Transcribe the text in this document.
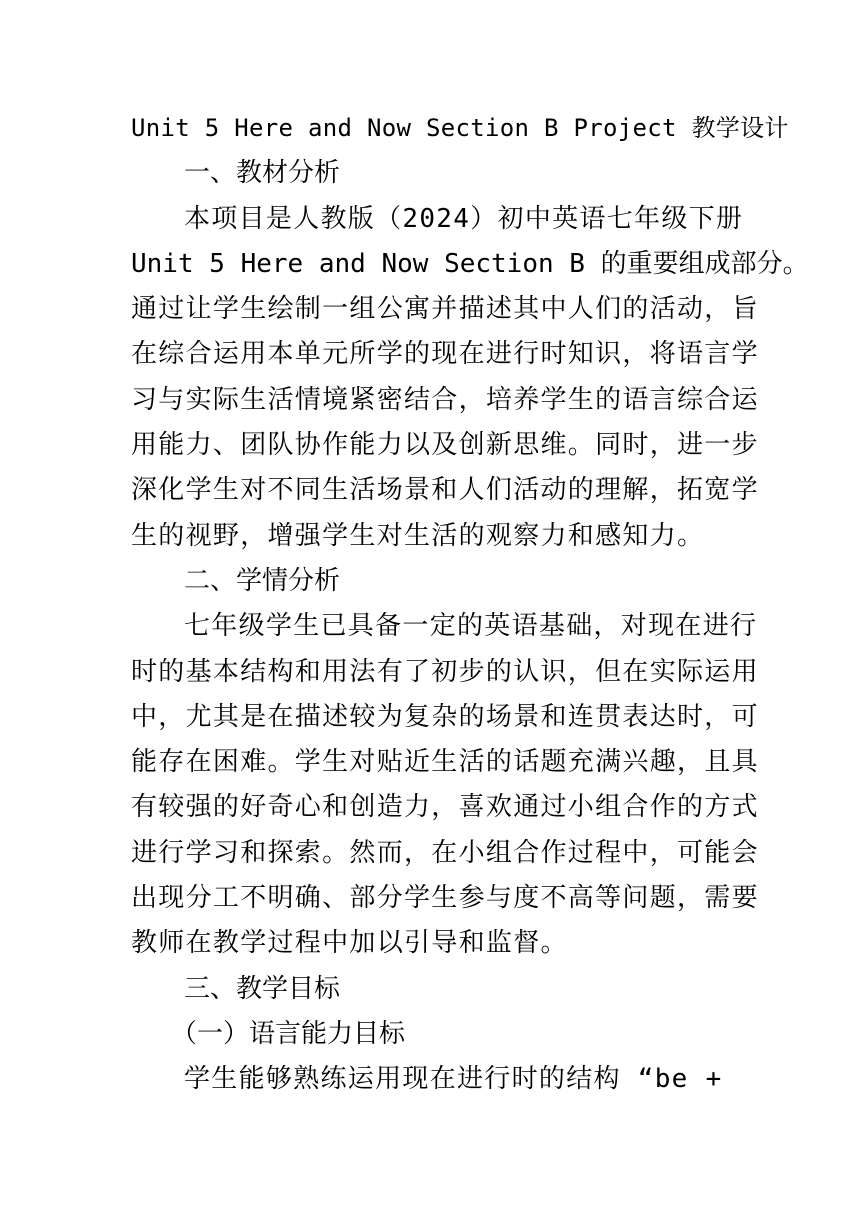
Unit 5 Here and Now Section B Project 教学设计
一、教材分析
本项目是人教版（2024）初中英语七年级下册
Unit 5 Here and Now Section B 的重要组成部分。
通过让学生绘制一组公寓并描述其中人们的活动，旨
在综合运用本单元所学的现在进行时知识，将语言学
习与实际生活情境紧密结合，培养学生的语言综合运
用能力、团队协作能力以及创新思维。同时，进一步
深化学生对不同生活场景和人们活动的理解，拓宽学
生的视野，增强学生对生活的观察力和感知力。
二、学情分析
七年级学生已具备一定的英语基础，对现在进行
时的基本结构和用法有了初步的认识，但在实际运用
中，尤其是在描述较为复杂的场景和连贯表达时，可
能存在困难。学生对贴近生活的话题充满兴趣，且具
有较强的好奇心和创造力，喜欢通过小组合作的方式
进行学习和探索。然而，在小组合作过程中，可能会
出现分工不明确、部分学生参与度不高等问题，需要
教师在教学过程中加以引导和监督。
三、教学目标
（一）语言能力目标
学生能够熟练运用现在进行时的结构 “be +
